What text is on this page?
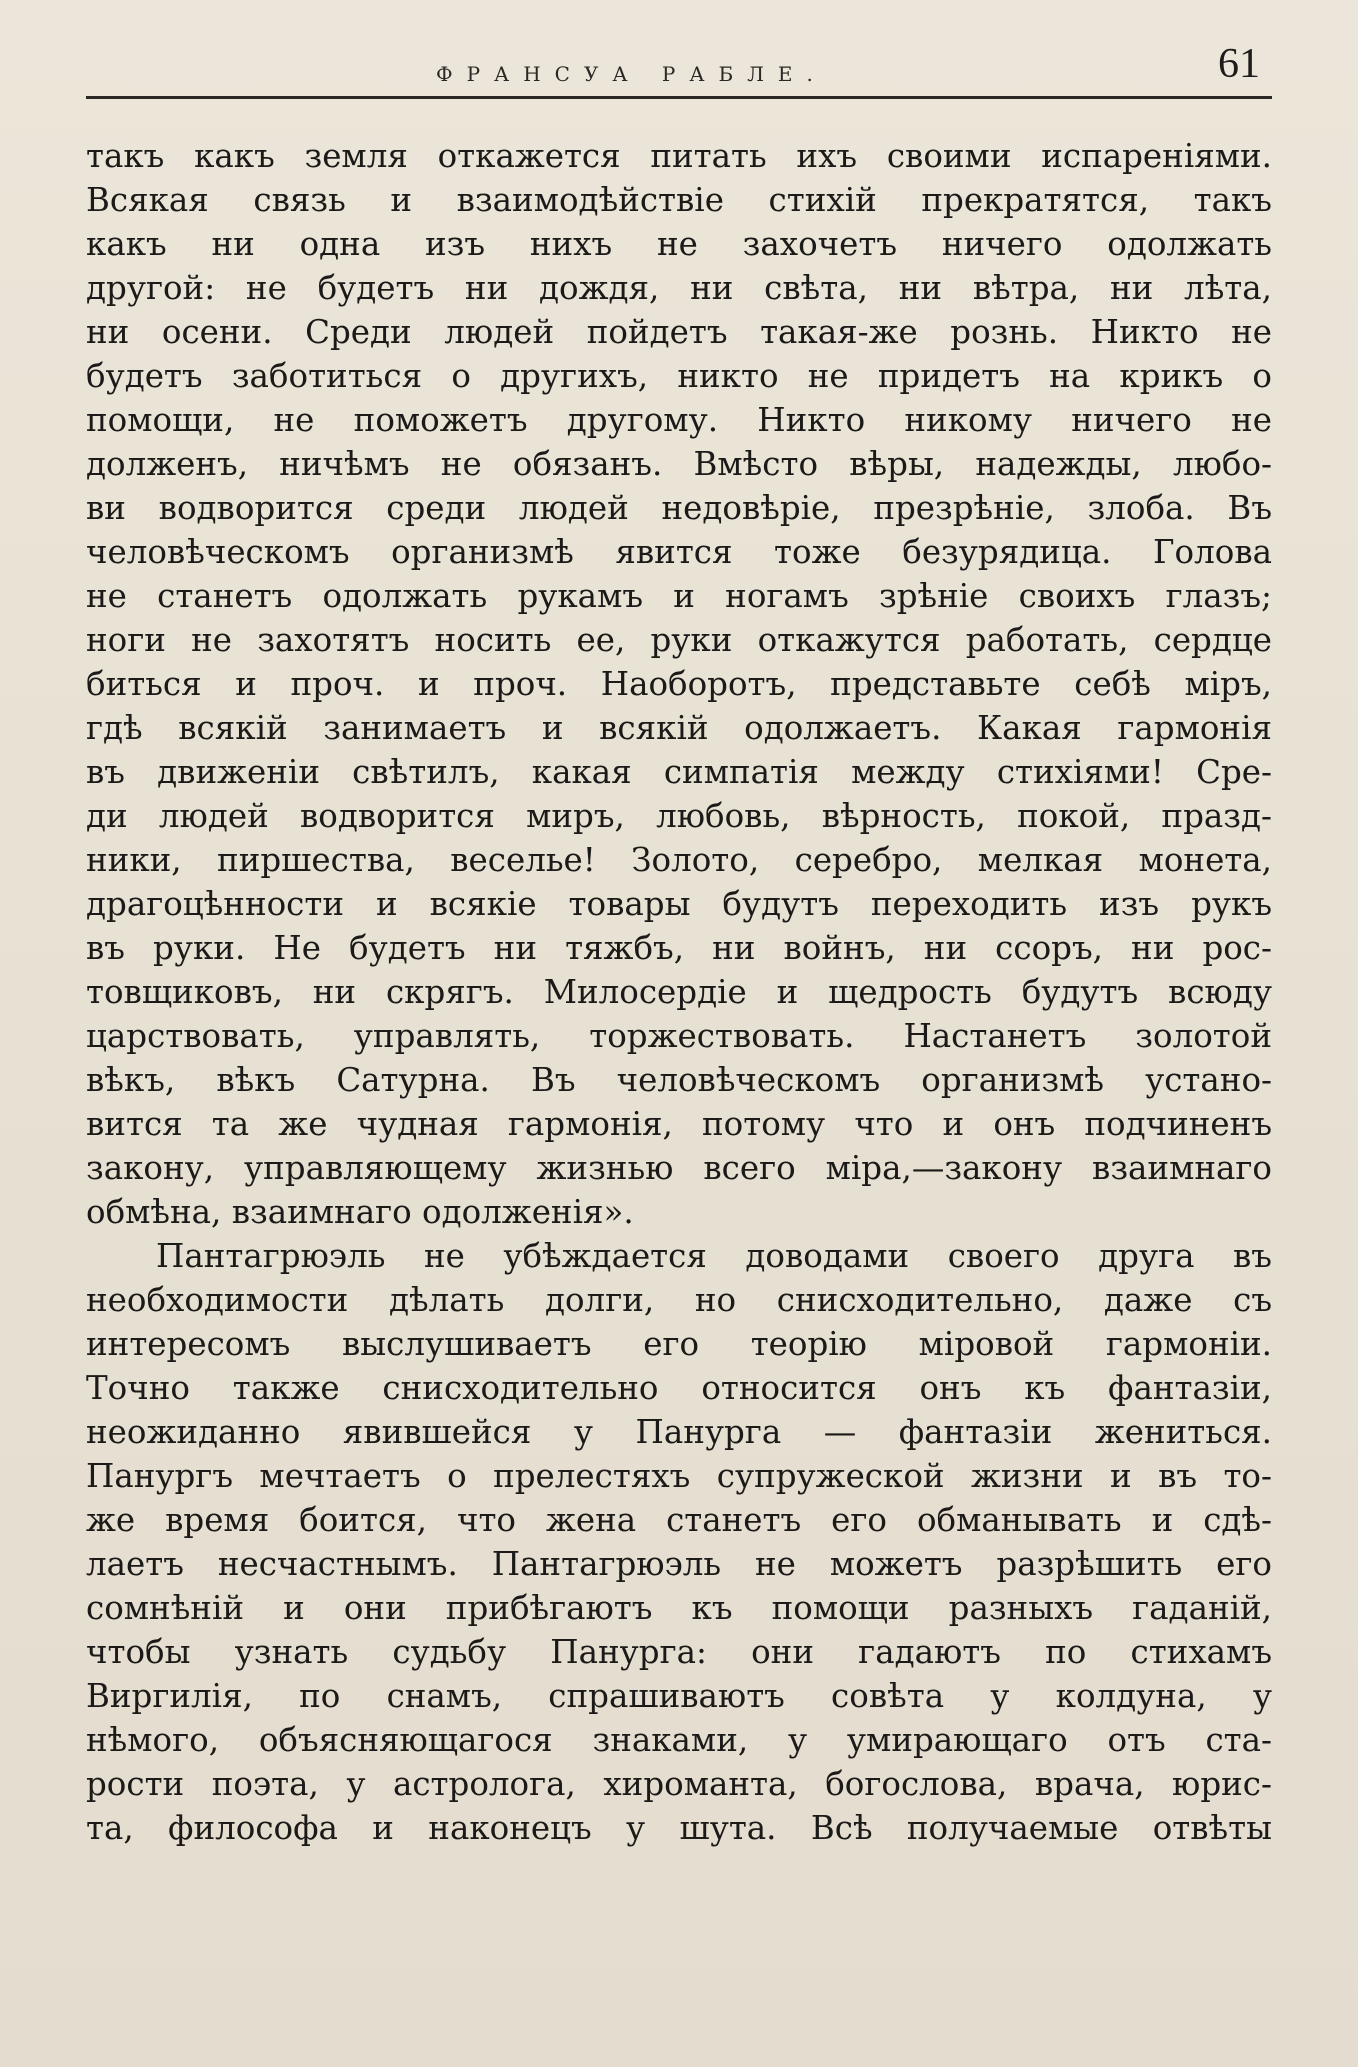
ФРАНСУА РАБЛЕ.	61
такъ какъ земля откажется питать ихъ своими испареніями.
Всякая связь и взаимодѣйствіе стихій прекратятся, такъ
какъ ни одна изъ нихъ не захочетъ ничего одолжать
другой: не будетъ ни дождя, ни свѣта, ни вѣтра, ни лѣта,
ни осени. Среди людей пойдетъ такая-же рознь. Никто не
будетъ заботиться о другихъ, никто не придетъ на крикъ о
помощи, не поможетъ другому. Никто никому ничего не
долженъ, ничѣмъ не обязанъ. Вмѣсто вѣры, надежды, любо-
ви водворится среди людей недовѣріе, презрѣніе, злоба. Въ
человѣческомъ организмѣ явится тоже безурядица. Голова
не станетъ одолжать рукамъ и ногамъ зрѣніе своихъ глазъ;
ноги не захотятъ носить ее, руки откажутся работать, сердце
биться и проч. и проч. Наоборотъ, представьте себѣ міръ,
гдѣ всякій занимаетъ и всякій одолжаетъ. Какая гармонія
въ движеніи свѣтилъ, какая симпатія между стихіями! Сре-
ди людей водворится миръ, любовь, вѣрность, покой, празд-
ники, пиршества, веселье! Золото, серебро, мелкая монета,
драгоцѣнности и всякіе товары будутъ переходить изъ рукъ
въ руки. Не будетъ ни тяжбъ, ни войнъ, ни ссоръ, ни рос-
товщиковъ, ни скрягъ. Милосердіе и щедрость будутъ всюду
царствовать, управлять, торжествовать. Настанетъ золотой
вѣкъ, вѣкъ Сатурна. Въ человѣческомъ организмѣ устано-
вится та же чудная гармонія, потому что и онъ подчиненъ
закону, управляющему жизнью всего міра,—закону взаимнаго
обмѣна, взаимнаго одолженія».
Пантагрюэль не убѣждается доводами своего друга въ
необходимости дѣлать долги, но снисходительно, даже съ
интересомъ выслушиваетъ его теорію міровой гармоніи.
Точно также снисходительно относится онъ къ фантазіи,
неожиданно явившейся у Панурга — фантазіи жениться.
Панургъ мечтаетъ о прелестяхъ супружеской жизни и въ то-
же время боится, что жена станетъ его обманывать и сдѣ-
лаетъ несчастнымъ. Пантагрюэль не можетъ разрѣшить его
сомнѣній и они прибѣгаютъ къ помощи разныхъ гаданій,
чтобы узнать судьбу Панурга: они гадаютъ по стихамъ
Виргилія, по снамъ, спрашиваютъ совѣта у колдуна, у
нѣмого, объясняющагося знаками, у умирающаго отъ ста-
рости поэта, у астролога, хироманта, богослова, врача, юрис-
та, философа и наконецъ у шута. Всѣ получаемые отвѣты
